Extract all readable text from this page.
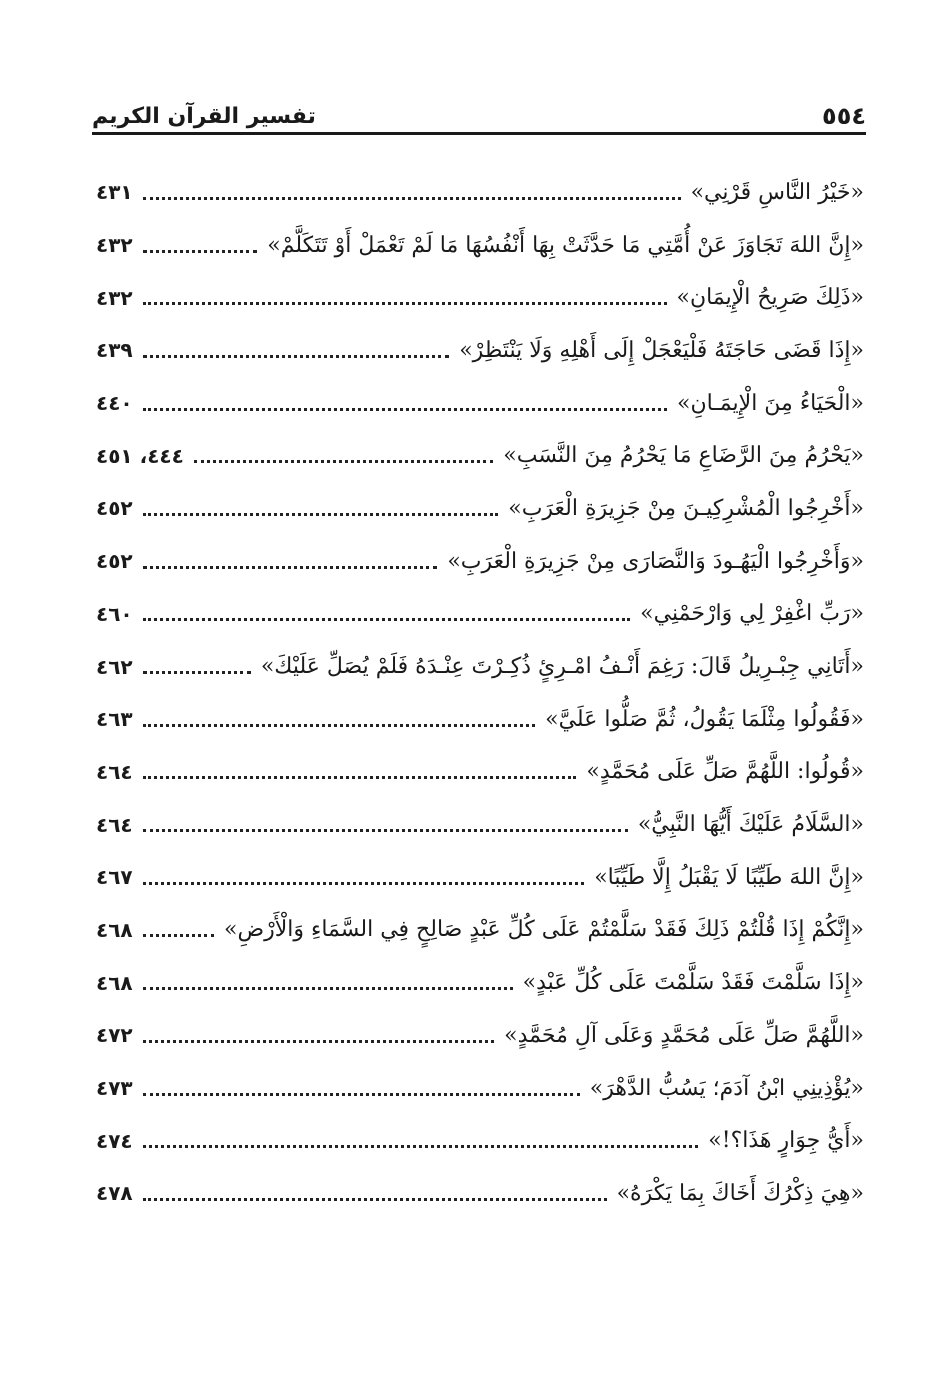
تفسير القرآن الكريم	٥٥٤
«خَيْرُ النَّاسِ قَرْنِي»
٤٣١
«إِنَّ اللهَ تَجَاوَزَ عَنْ أُمَّتِي مَا حَدَّثَتْ بِهَا أَنْفُسُهَا مَا لَمْ تَعْمَلْ أَوْ تَتَكَلَّمْ»
٤٣٢
«ذَلِكَ صَرِيحُ الْإِيمَانِ»
٤٣٢
«إِذَا قَضَى حَاجَتَهُ فَلْيَعْجَلْ إِلَى أَهْلِهِ وَلَا يَنْتَظِرْ»
٤٣٩
«الْحَيَاءُ مِنَ الْإِيمَـانِ»
٤٤٠
«يَحْرُمُ مِنَ الرَّضَاعِ مَا يَحْرُمُ مِنَ النَّسَبِ»
٤٤٤، ٤٥١
«أَخْرِجُوا الْمُشْرِكِيـنَ مِنْ جَزِيرَةِ الْعَرَبِ»
٤٥٢
«وَأَخْرِجُوا الْيَهُـودَ وَالنَّصَارَى مِنْ جَزِيرَةِ الْعَرَبِ»
٤٥٢
«رَبِّ اغْفِرْ لِي وَارْحَمْنِي»
٤٦٠
«أَتَانِي جِبْـرِيلُ قَالَ: رَغِمَ أَنْـفُ امْـرِئٍ ذُكِـرْتَ عِنْـدَهُ فَلَمْ يُصَلِّ عَلَيْكَ»
٤٦٢
«فَقُولُوا مِثْلَمَا يَقُولُ، ثُمَّ صَلُّوا عَلَيَّ»
٤٦٣
«قُولُوا: اللَّهُمَّ صَلِّ عَلَى مُحَمَّدٍ»
٤٦٤
«السَّلَامُ عَلَيْكَ أَيُّهَا النَّبِيُّ»
٤٦٤
«إِنَّ اللهَ طَيِّبًا لَا يَقْبَلُ إِلَّا طَيِّبًا»
٤٦٧
«إِنَّكُمْ إِذَا قُلْتُمْ ذَلِكَ فَقَدْ سَلَّمْتُمْ عَلَى كُلِّ عَبْدٍ صَالِحٍ فِي السَّمَاءِ وَالْأَرْضِ»
٤٦٨
«إِذَا سَلَّمْتَ فَقَدْ سَلَّمْتَ عَلَى كُلِّ عَبْدٍ»
٤٦٨
«اللَّهُمَّ صَلِّ عَلَى مُحَمَّدٍ وَعَلَى آلِ مُحَمَّدٍ»
٤٧٢
«يُؤْذِينِي ابْنُ آدَمَ؛ يَسُبُّ الدَّهْرَ»
٤٧٣
«أَيُّ جِوَارٍ هَذَا؟!»
٤٧٤
«هِيَ ذِكْرُكَ أَخَاكَ بِمَا يَكْرَهُ»
٤٧٨
